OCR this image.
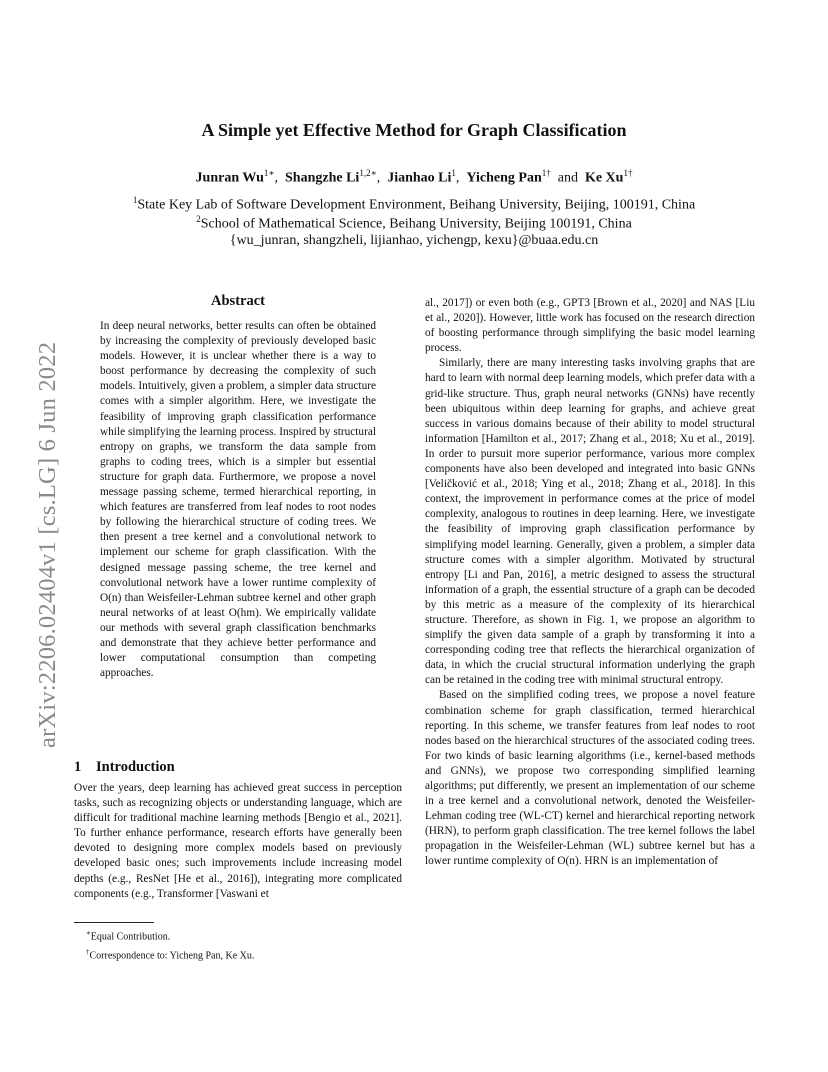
arXiv:2206.02404v1 [cs.LG] 6 Jun 2022
A Simple yet Effective Method for Graph Classification
Junran $Wu^{1∗}$,  Shangzhe $Li^{1,2∗}$,  Jianhao Li$^1$,  Yicheng Pan$^{1\dagger}$ and Ke $Xu^{1\dagger}$
$^1$State Key Lab of Software Development Environment, Beihang University, Beijing, 100191, China
$^2$School of Mathematical Science, Beihang University, Beijing 100191, China
{wu_junran, shangzheli, lijianhao, yichengp, kexu}@buaa.edu.cn
Abstract
In deep neural networks, better results can often be obtained by increasing the complexity of previously developed basic models. However, it is unclear whether there is a way to boost performance by decreasing the complexity of such models. Intuitively, given a problem, a simpler data structure comes with a simpler algorithm. Here, we investigate the feasibility of improving graph classification performance while simplifying the learning process. Inspired by structural entropy on graphs, we transform the data sample from graphs to coding trees, which is a simpler but essential structure for graph data. Furthermore, we propose a novel message passing scheme, termed hierarchical reporting, in which features are transferred from leaf nodes to root nodes by following the hierarchical structure of coding trees. We then present a tree kernel and a convolutional network to implement our scheme for graph classification. With the designed message passing scheme, the tree kernel and convolutional network have a lower runtime complexity of O(n) than Weisfeiler-Lehman subtree kernel and other graph neural networks of at least O(hm). We empirically validate our methods with several graph classification benchmarks and demonstrate that they achieve better performance and lower computational consumption than competing approaches.
1 Introduction
Over the years, deep learning has achieved great success in perception tasks, such as recognizing objects or understanding language, which are difficult for traditional machine learning methods [Bengio et al., 2021]. To further enhance performance, research efforts have generally been devoted to designing more complex models based on previously developed basic ones; such improvements include increasing model depths (e.g., ResNet [He et al., 2016]), integrating more complicated components (e.g., Transformer [Vaswani et
∗Equal Contribution.
†Correspondence to: Yicheng Pan, Ke Xu.

al., 2017]) or even both (e.g., GPT3 [Brown et al., 2020] and NAS [Liu et al., 2020]). However, little work has focused on the research direction of boosting performance through simplifying the basic model learning process.

Similarly, there are many interesting tasks involving graphs that are hard to learn with normal deep learning models, which prefer data with a grid-like structure. Thus, graph neural networks (GNNs) have recently been ubiquitous within deep learning for graphs, and achieve great success in various domains because of their ability to model structural information [Hamilton et al., 2017; Zhang et al., 2018; Xu et al., 2019]. In order to pursuit more superior performance, various more complex components have also been developed and integrated into basic GNNs [Veličković et al., 2018; Ying et al., 2018; Zhang et al., 2018]. In this context, the improvement in performance comes at the price of model complexity, analogous to routines in deep learning. Here, we investigate the feasibility of improving graph classification performance by simplifying model learning. Generally, given a problem, a simpler data structure comes with a simpler algorithm. Motivated by structural entropy [Li and Pan, 2016], a metric designed to assess the structural information of a graph, the essential structure of a graph can be decoded by this metric as a measure of the complexity of its hierarchical structure. Therefore, as shown in Fig. 1, we propose an algorithm to simplify the given data sample of a graph by transforming it into a corresponding coding tree that reflects the hierarchical organization of data, in which the crucial structural information underlying the graph can be retained in the coding tree with minimal structural entropy.

Based on the simplified coding trees, we propose a novel feature combination scheme for graph classification, termed hierarchical reporting. In this scheme, we transfer features from leaf nodes to root nodes based on the hierarchical structures of the associated coding trees. For two kinds of basic learning algorithms (i.e., kernel-based methods and GNNs), we propose two corresponding simplified learning algorithms; put differently, we present an implementation of our scheme in a tree kernel and a convolutional network, denoted the Weisfeiler-Lehman coding tree (WL-CT) kernel and hierarchical reporting network (HRN), to perform graph classification. The tree kernel follows the label propagation in the Weisfeiler-Lehman (WL) subtree kernel but has a lower runtime complexity of O(n). HRN is an implementation of
